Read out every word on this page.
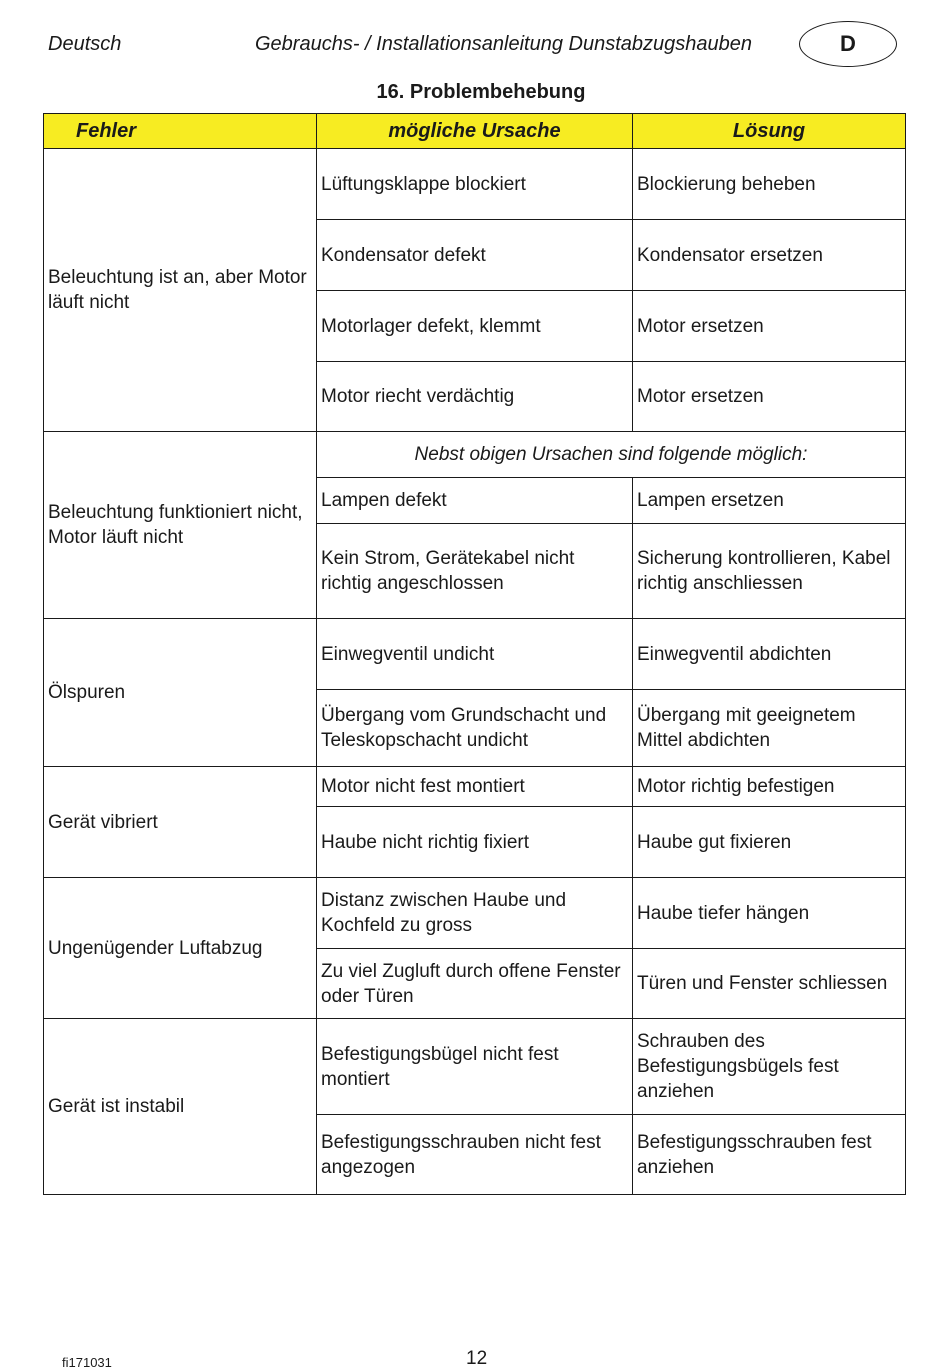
Deutsch	Gebrauchs- / Installationsanleitung Dunstabzugshauben	D
16. Problembehebung
Fehler	mögliche Ursache	Lösung
Beleuchtung ist an, aber Motor läuft nicht	Lüftungsklappe blockiert	Blockierung beheben
	Kondensator defekt	Kondensator ersetzen
	Motorlager defekt, klemmt	Motor ersetzen
	Motor riecht verdächtig	Motor ersetzen
Beleuchtung funktioniert nicht, Motor läuft nicht	Nebst obigen Ursachen sind folgende möglich:	
	Lampen defekt	Lampen ersetzen
	Kein Strom, Gerätekabel nicht richtig angeschlossen	Sicherung kontrollieren, Kabel richtig anschliessen
Ölspuren	Einwegventil undicht	Einwegventil abdichten
	Übergang vom Grundschacht und Teleskopschacht undicht	Übergang mit geeignetem Mittel abdichten
Gerät vibriert	Motor nicht fest montiert	Motor richtig befestigen
	Haube nicht richtig fixiert	Haube gut fixieren
Ungenügender Luftabzug	Distanz zwischen Haube und Kochfeld zu gross	Haube tiefer hängen
	Zu viel Zugluft durch offene Fenster oder Türen	Türen und Fenster schliessen
Gerät ist instabil	Befestigungsbügel nicht fest montiert	Schrauben des Befestigungsbügels fest anziehen
	Befestigungsschrauben nicht fest angezogen	Befestigungsschrauben fest anziehen
fi171031	12
